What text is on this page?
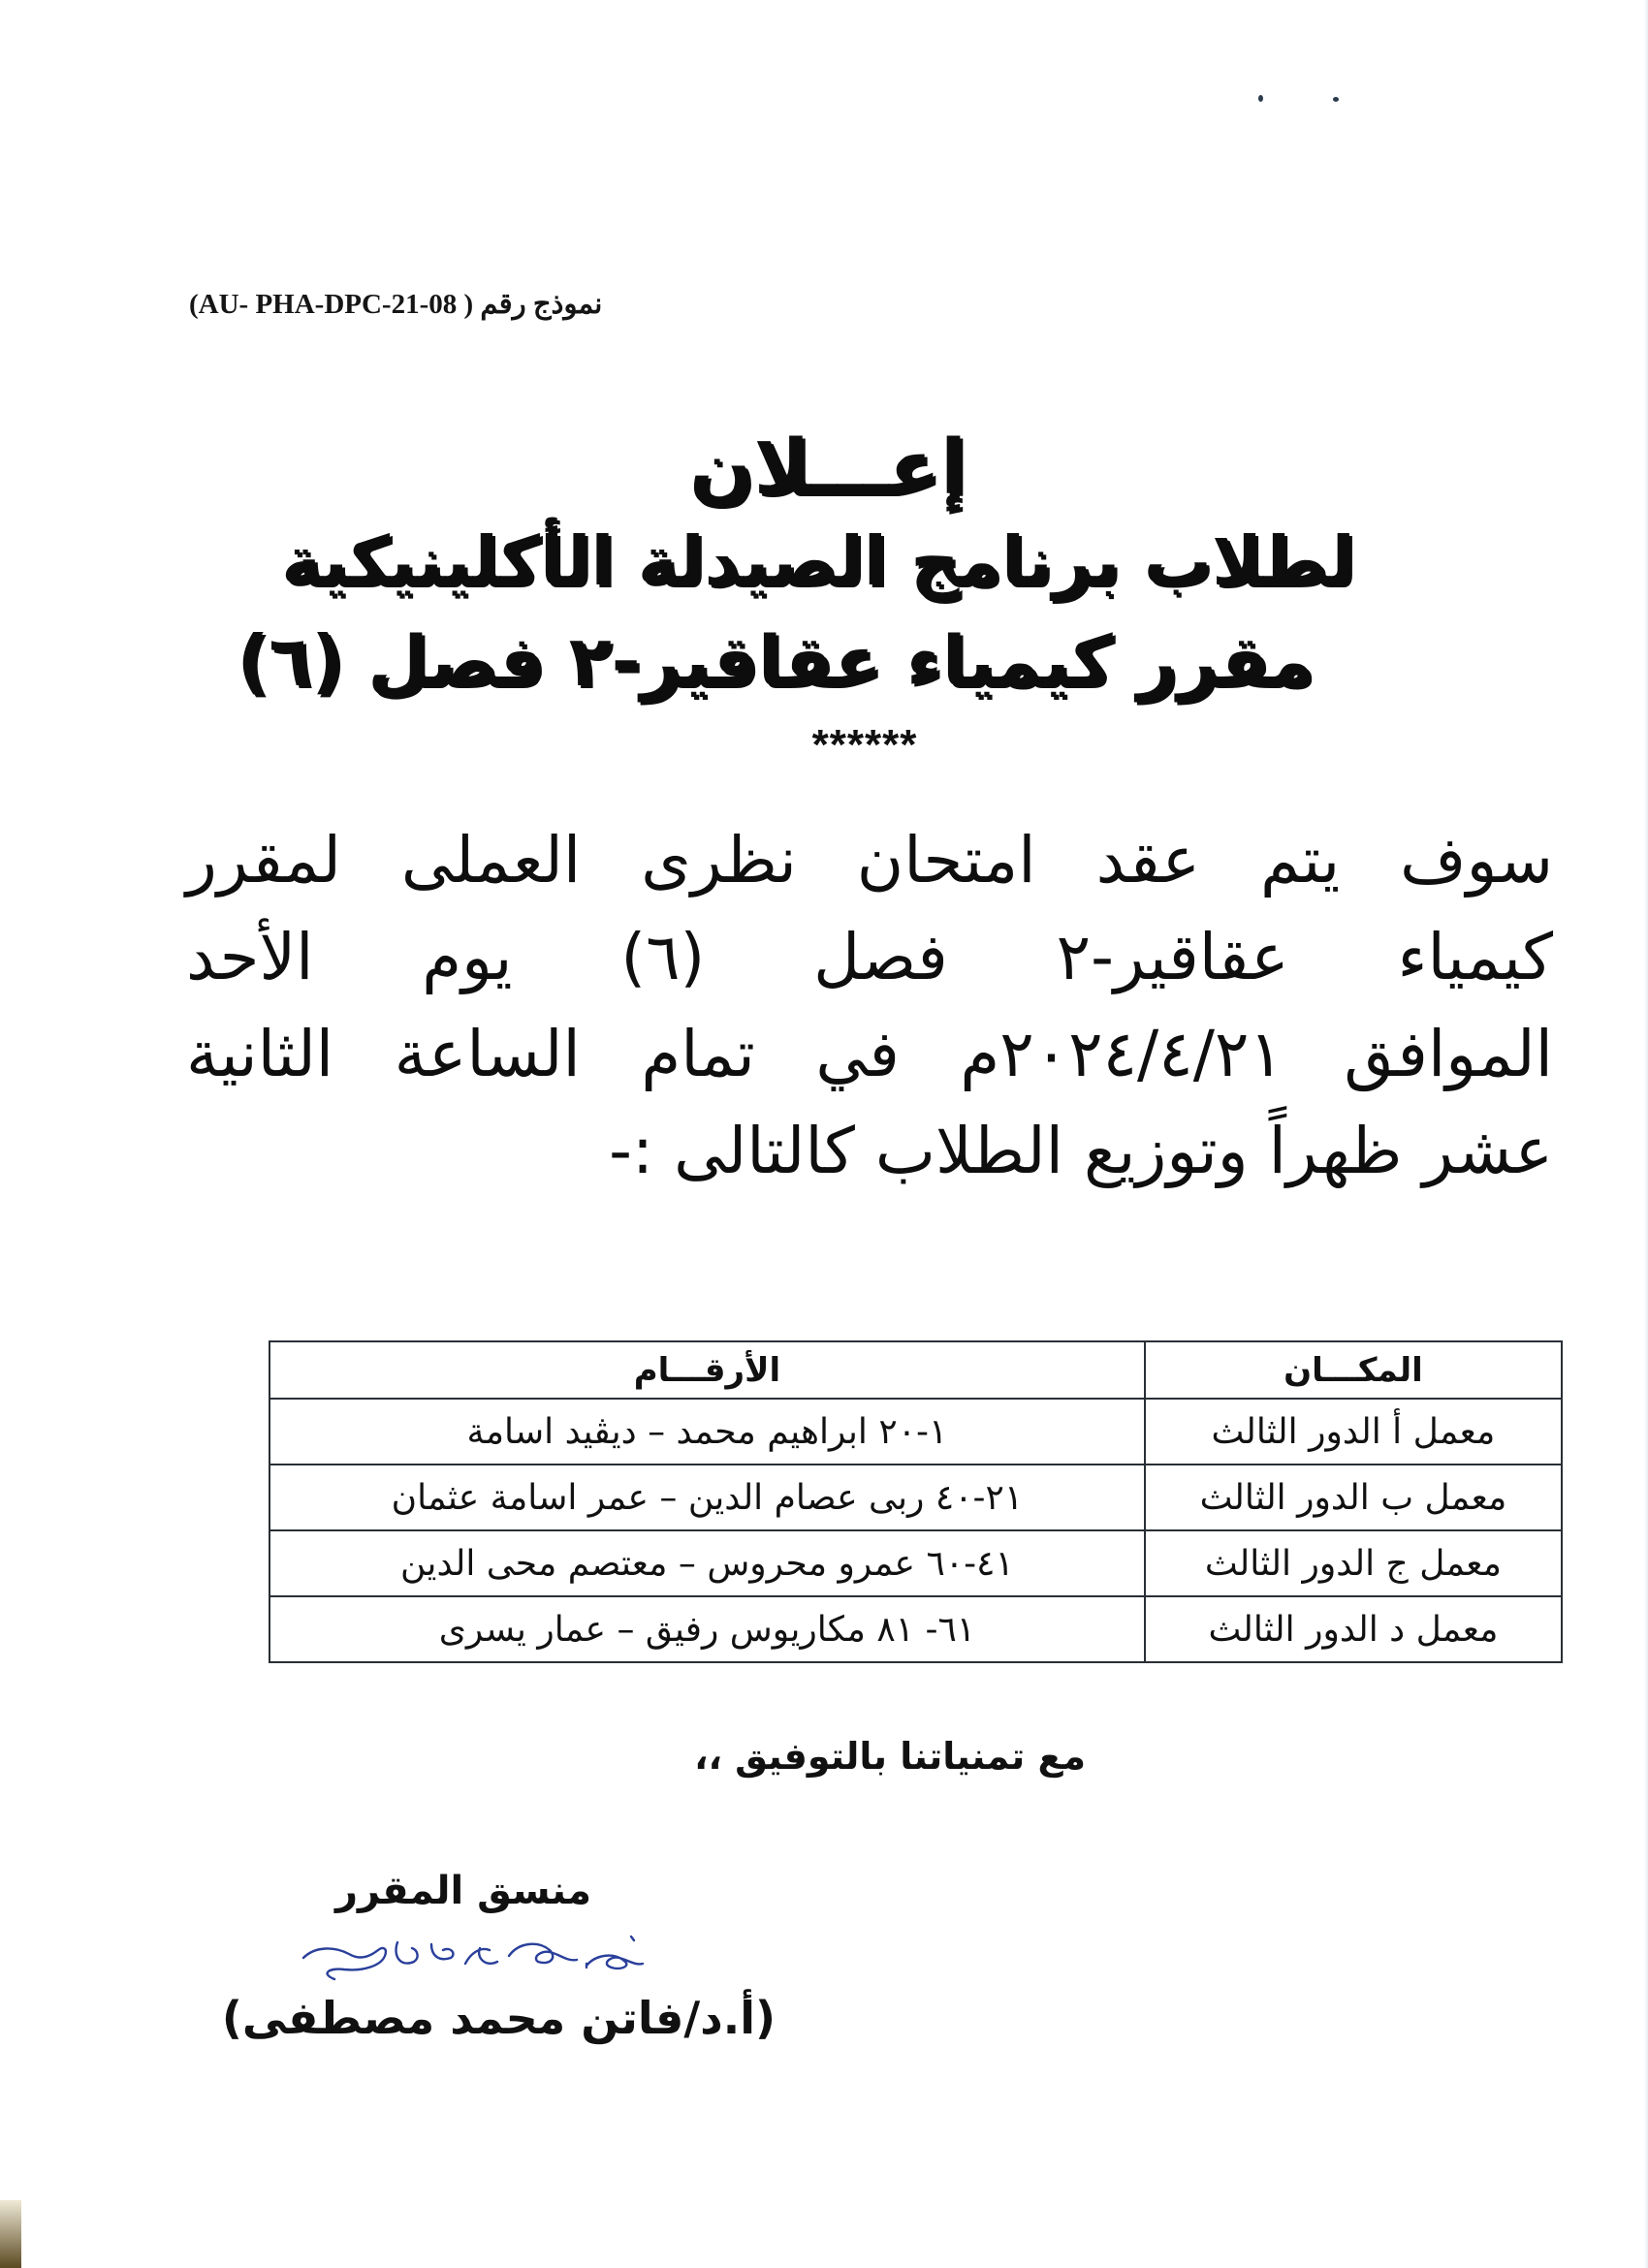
نموذج رقم ( AU- PHA-DPC-21-08)
إعـــلان
لطلاب برنامج الصيدلة الأكلينيكية
مقرر كيمياء عقاقير-٢ فصل (٦)
******
سوف يتم عقد امتحان نظرى العملى لمقرر
كيمياء عقاقير-٢ فصل (٦) يوم الأحد
الموافق ٢٠٢٤/٤/٢١م في تمام الساعة الثانية
عشر ظهراً وتوزيع الطلاب كالتالى :-
المكـــان	الأرقـــام
معمل أ الدور الثالث	١-٢٠ ابراهيم محمد – ديڤيد اسامة
معمل ب الدور الثالث	٢١-٤٠ ربى عصام الدين – عمر اسامة عثمان
معمل ج الدور الثالث	٤١-٦٠ عمرو محروس – معتصم محى الدين
معمل د الدور الثالث	٦١- ٨١ مكاريوس رفيق – عمار يسرى
مع تمنياتنا بالتوفيق ،،
منسق المقرر
(أ.د/فاتن محمد مصطفى)
